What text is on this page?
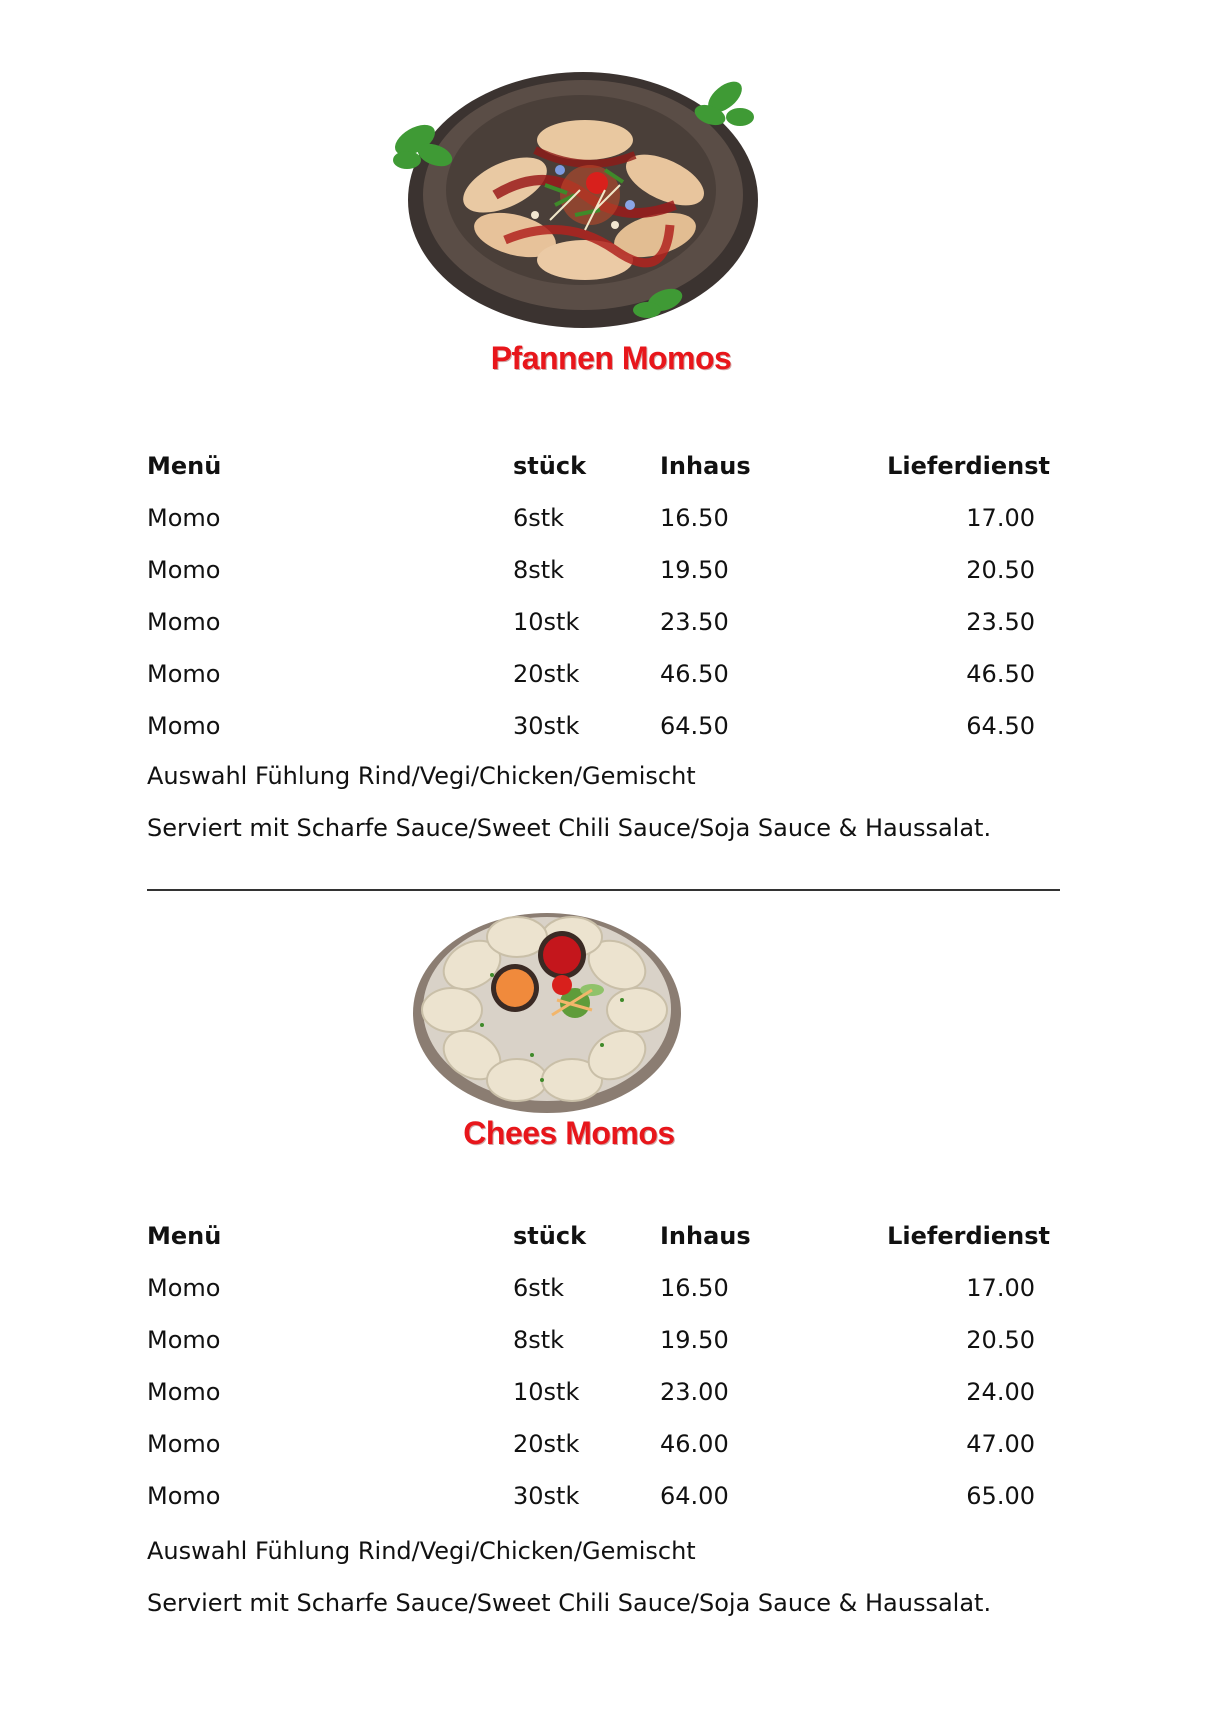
Pfannen Momos
Menü	stück	Inhaus	Lieferdienst
Momo	6stk	16.50	17.00
Momo	8stk	19.50	20.50
Momo	10stk	23.50	23.50
Momo	20stk	46.50	46.50
Momo	30stk	64.50	64.50
Auswahl Fühlung Rind/Vegi/Chicken/Gemischt
Serviert mit Scharfe Sauce/Sweet Chili Sauce/Soja Sauce & Haussalat.
Chees Momos
Menü	stück	Inhaus	Lieferdienst
Momo	6stk	16.50	17.00
Momo	8stk	19.50	20.50
Momo	10stk	23.00	24.00
Momo	20stk	46.00	47.00
Momo	30stk	64.00	65.00
Auswahl Fühlung Rind/Vegi/Chicken/Gemischt
Serviert mit Scharfe Sauce/Sweet Chili Sauce/Soja Sauce & Haussalat.
